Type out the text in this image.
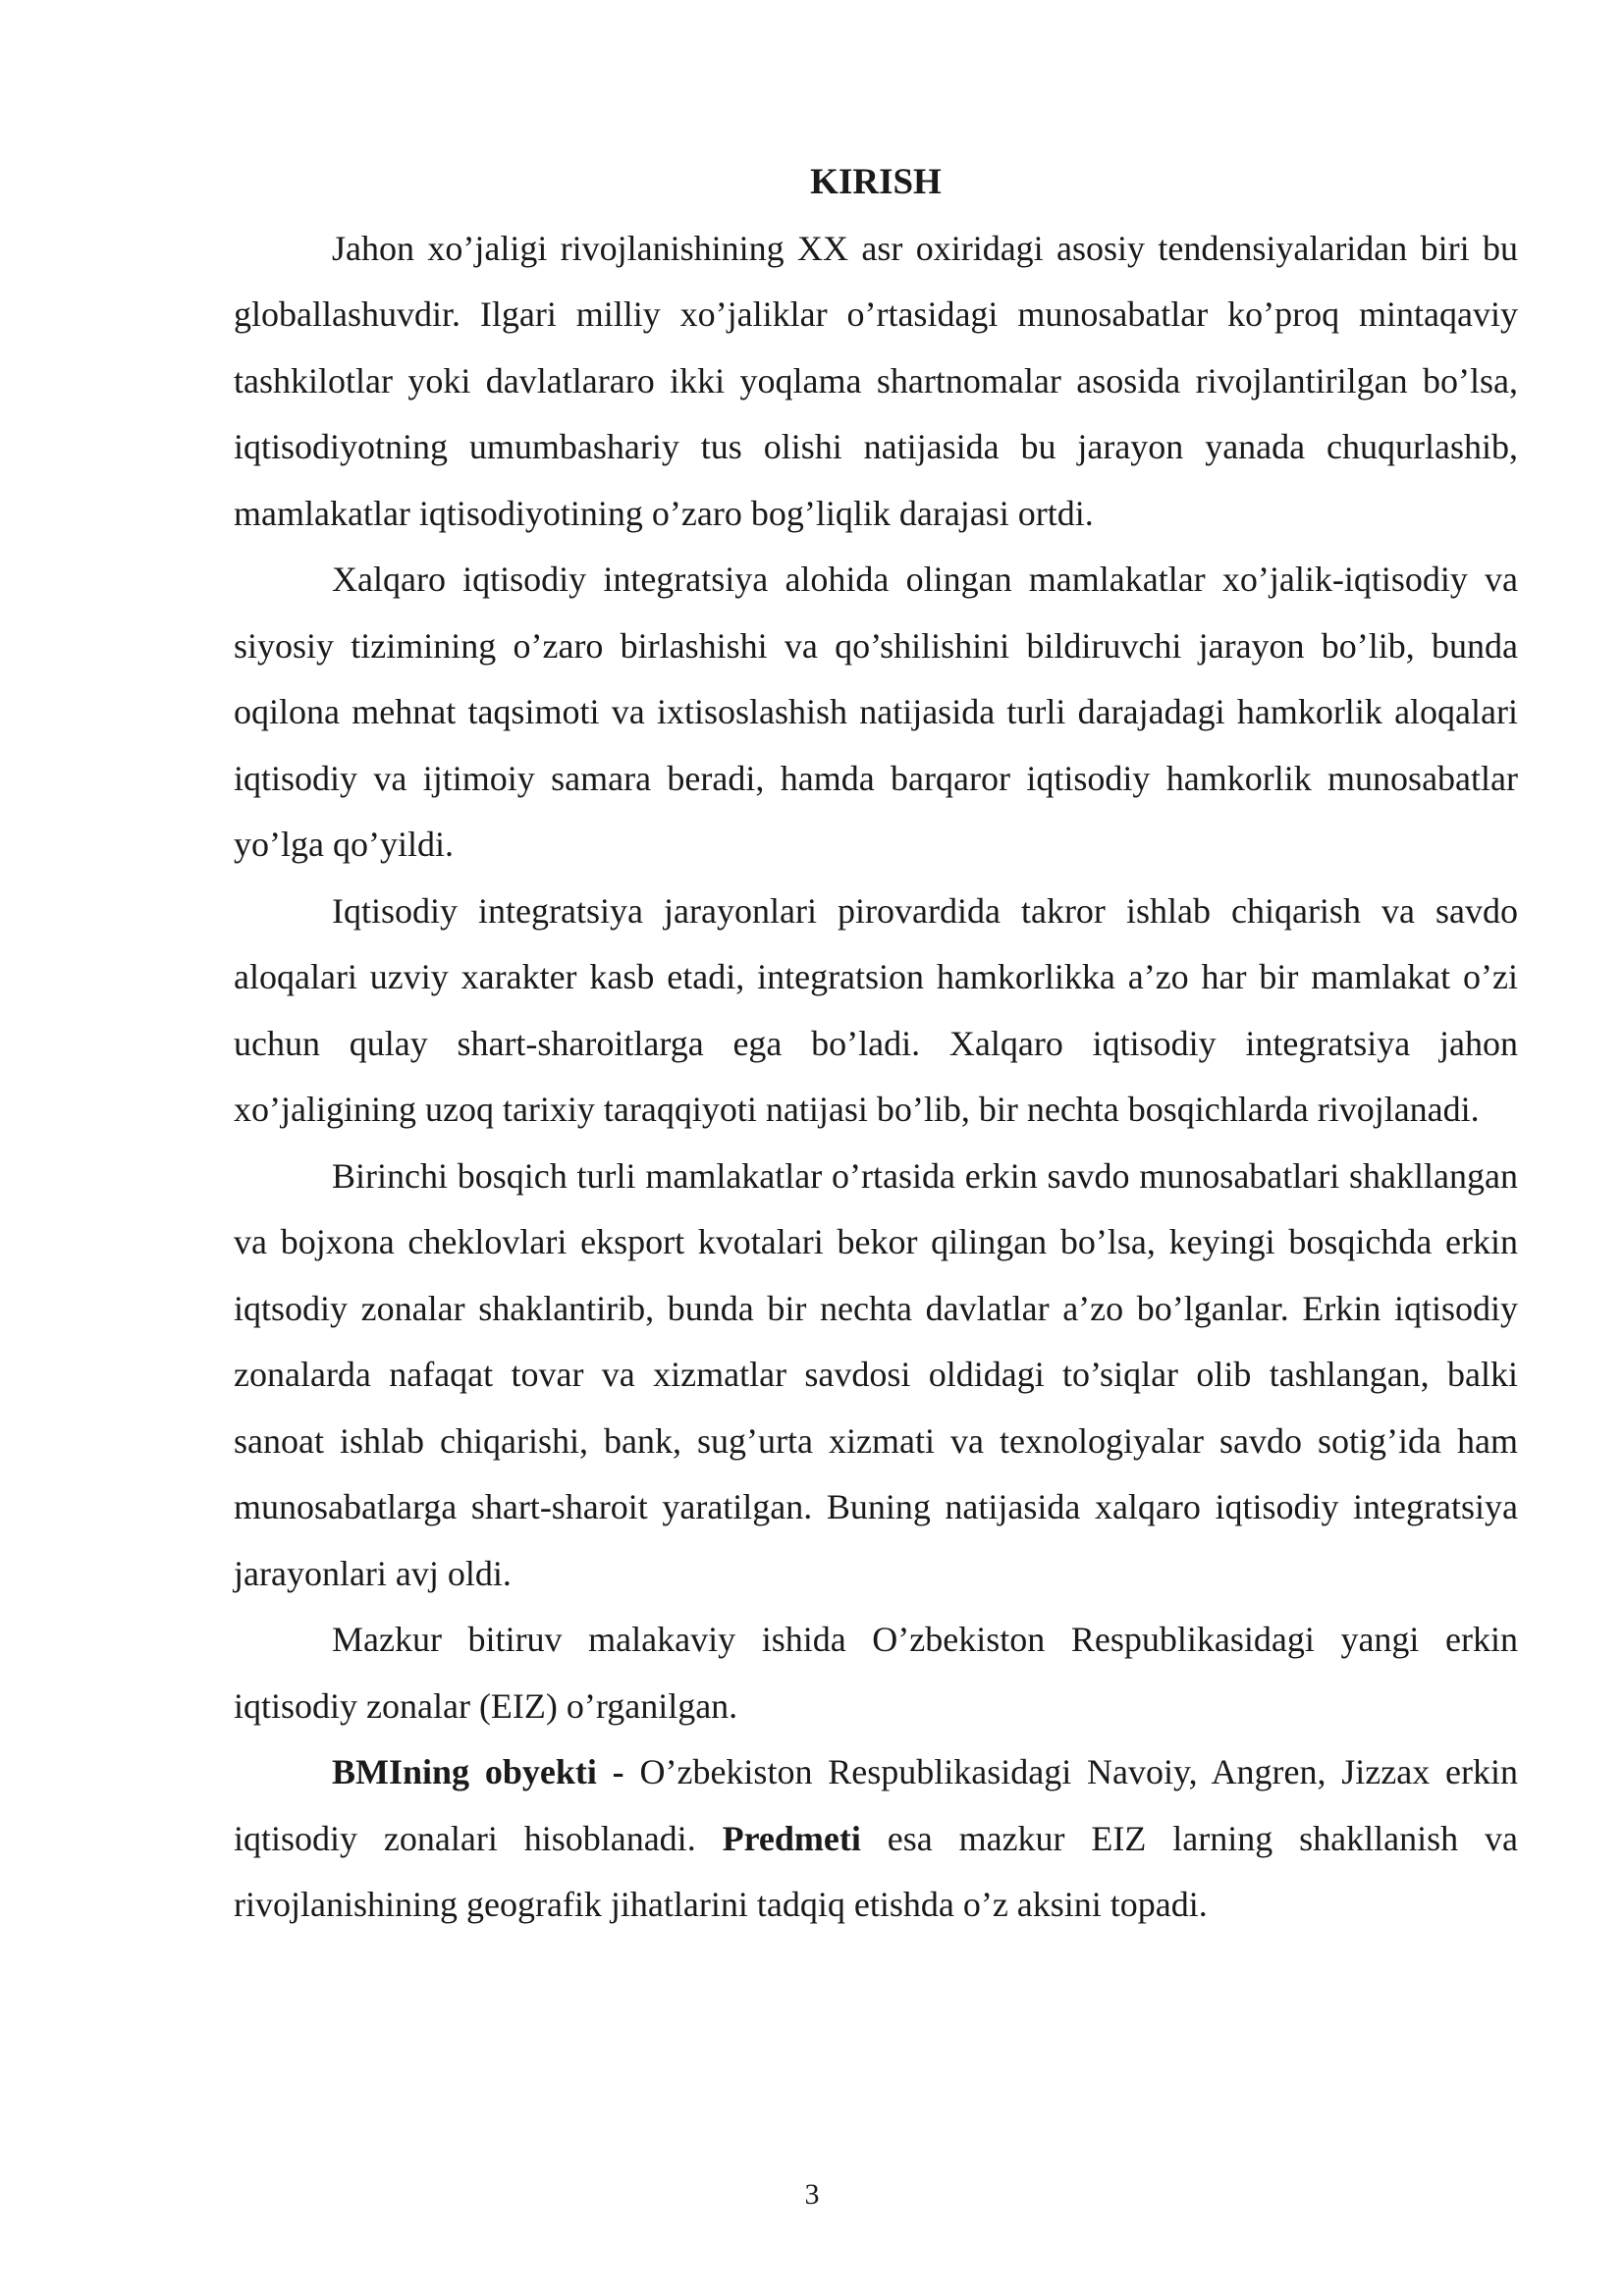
KIRISH

Jahon xo’jaligi rivojlanishining XX asr oxiridagi asosiy tendensiyalaridan biri bu globallashuvdir. Ilgari milliy xo’jaliklar o’rtasidagi munosabatlar ko’proq mintaqaviy tashkilotlar yoki davlatlararo ikki yoqlama shartnomalar asosida rivojlantirilgan bo’lsa, iqtisodiyotning umumbashariy tus olishi natijasida bu jarayon yanada chuqurlashib, mamlakatlar iqtisodiyotining o’zaro bog’liqlik darajasi ortdi.

Xalqaro iqtisodiy integratsiya alohida olingan mamlakatlar xo’jalik-iqtisodiy va siyosiy tizimining o’zaro birlashishi va qo’shilishini bildiruvchi jarayon bo’lib, bunda oqilona mehnat taqsimoti va ixtisoslashish natijasida turli darajadagi hamkorlik aloqalari iqtisodiy va ijtimoiy samara beradi, hamda barqaror iqtisodiy hamkorlik munosabatlar yo’lga qo’yildi.

Iqtisodiy integratsiya jarayonlari pirovardida takror ishlab chiqarish va savdo aloqalari uzviy xarakter kasb etadi, integratsion hamkorlikka a’zo har bir mamlakat o’zi uchun qulay shart-sharoitlarga ega bo’ladi. Xalqaro iqtisodiy integratsiya jahon xo’jaligining uzoq tarixiy taraqqiyoti natijasi bo’lib, bir nechta bosqichlarda rivojlanadi.

Birinchi bosqich turli mamlakatlar o’rtasida erkin savdo munosabatlari shakllangan va bojxona cheklovlari eksport kvotalari bekor qilingan bo’lsa, keyingi bosqichda erkin iqtsodiy zonalar shaklantirib, bunda bir nechta davlatlar a’zo bo’lganlar. Erkin iqtisodiy zonalarda nafaqat tovar va xizmatlar savdosi oldidagi to’siqlar olib tashlangan, balki sanoat ishlab chiqarishi, bank, sug’urta xizmati va texnologiyalar savdo sotig’ida ham munosabatlarga shart-sharoit yaratilgan. Buning natijasida xalqaro iqtisodiy integratsiya jarayonlari avj oldi.

Mazkur bitiruv malakaviy ishida O’zbekiston Respublikasidagi yangi erkin iqtisodiy zonalar (EIZ) o’rganilgan.

BMIning obyekti - O’zbekiston Respublikasidagi Navoiy, Angren, Jizzax erkin iqtisodiy zonalari hisoblanadi. Predmeti esa mazkur EIZ larning shakllanish va rivojlanishining geografik jihatlarini tadqiq etishda o’z aksini topadi.

3
